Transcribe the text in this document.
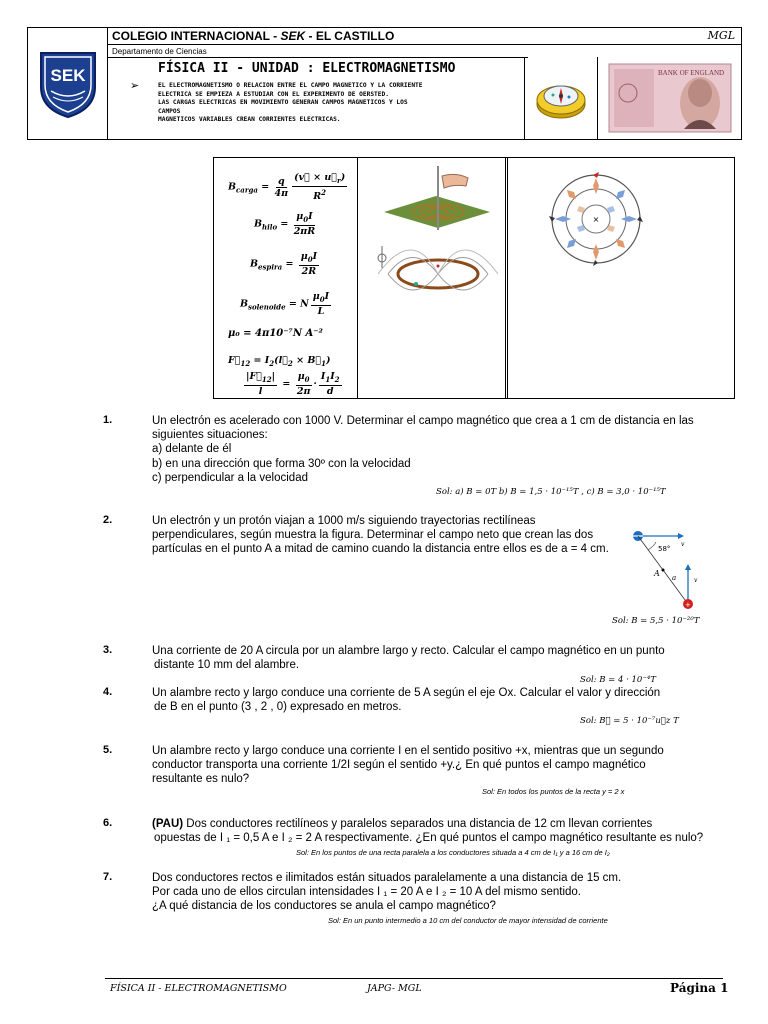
SEK
COLEGIO INTERNACIONAL - SEK - EL CASTILLO	MGL
Departamento de Ciencias
FÍSICA II - UNIDAD : ELECTROMAGNETISMO
➢	EL ELECTROMAGNETISMO O RELACION ENTRE EL CAMPO MAGNETICO Y LA CORRIENTE
ELECTRICA SE EMPIEZA A ESTUDIAR CON EL EXPERIMENTO DE OERSTED.
LAS CARGAS ELECTRICAS EN MOVIMIENTO GENERAN CAMPOS MAGNETICOS Y LOS
CAMPOS
MAGNETICOS VARIABLES CREAN CORRIENTES ELECTRICAS.
BANK OF ENGLAND
$B_{carga} = \frac{q}{4\pi} \frac{(v⃗ \times u⃗_r)}{R^2}$
$B_{hilo} = \frac{\mu_0I}{2\pi R}$
$B_{espira} = \frac{\mu_0I}{2R}$
$B_{solenoide} = N \frac{\mu_0I}{L}$
μ₀ = 4π10⁻⁷N A⁻²
$F⃗_{12}$ = $I_2(l⃗_2$ × $B⃗_1$)
$\frac{|F⃗_{12}|}{l} = \frac{\mu_0}{2\pi} \cdot \frac{I_1I_2}{d}$
×
1.	Un electrón es acelerado con 1000 V. Determinar el campo magnético que crea a 1 cm de distancia en las
siguientes situaciones:
a) delante de él
b) en una dirección que forma 30º con la velocidad
c) perpendicular a la velocidad
Sol: a) B = 0T b) B = 1,5 · 10⁻¹⁵T , c) B = 3,0 · 10⁻¹⁵T
2.	Un electrón y un protón viajan a 1000 m/s siguiendo trayectorias rectilíneas
perpendiculares, según muestra la figura. Determinar el campo neto que crean las dos
partículas en el punto A a mitad de camino cuando la distancia entre ellos es de a = 4 cm.
+
58°
A a
v
v
Sol: B = 5,5 · 10⁻²⁰T
3.	Una corriente de 20 A circula por un alambre largo y recto. Calcular el campo magnético en un punto
distante 10 mm del alambre.
Sol: B = 4 · 10⁻⁴T
4.	Un alambre recto y largo conduce una corriente de 5 A según el eje Ox. Calcular el valor y dirección
de B en el punto (3 , 2 , 0) expresado en metros.
Sol: B⃗ = 5 · 10⁻⁷u⃗z T
5.	Un alambre recto y largo conduce una corriente I en el sentido positivo +x, mientras que un segundo
conductor transporta una corriente 1/2I según el sentido +y.¿ En qué puntos el campo magnético
resultante es nulo?
Sol: En todos los puntos de la recta y = 2 x
6.	(PAU) Dos conductores rectilíneos y paralelos separados una distancia de 12 cm llevan corrientes
opuestas de I ₁ = 0,5 A e I ₂ = 2 A respectivamente. ¿En qué puntos el campo magnético resultante es nulo?
Sol: En los puntos de una recta paralela a los conductores situada a 4 cm de I₁ y a 16 cm de I₂
7.	Dos conductores rectos e ilimitados están situados paralelamente a una distancia de 15 cm.
Por cada uno de ellos circulan intensidades I ₁ = 20 A e I ₂ = 10 A del mismo sentido.
¿A qué distancia de los conductores se anula el campo magnético?
Sol: En un punto intermedio a 10 cm del conductor de mayor intensidad de corriente
FÍSICA II - ELECTROMAGNETISMO	JAPG- MGL	Página 1
